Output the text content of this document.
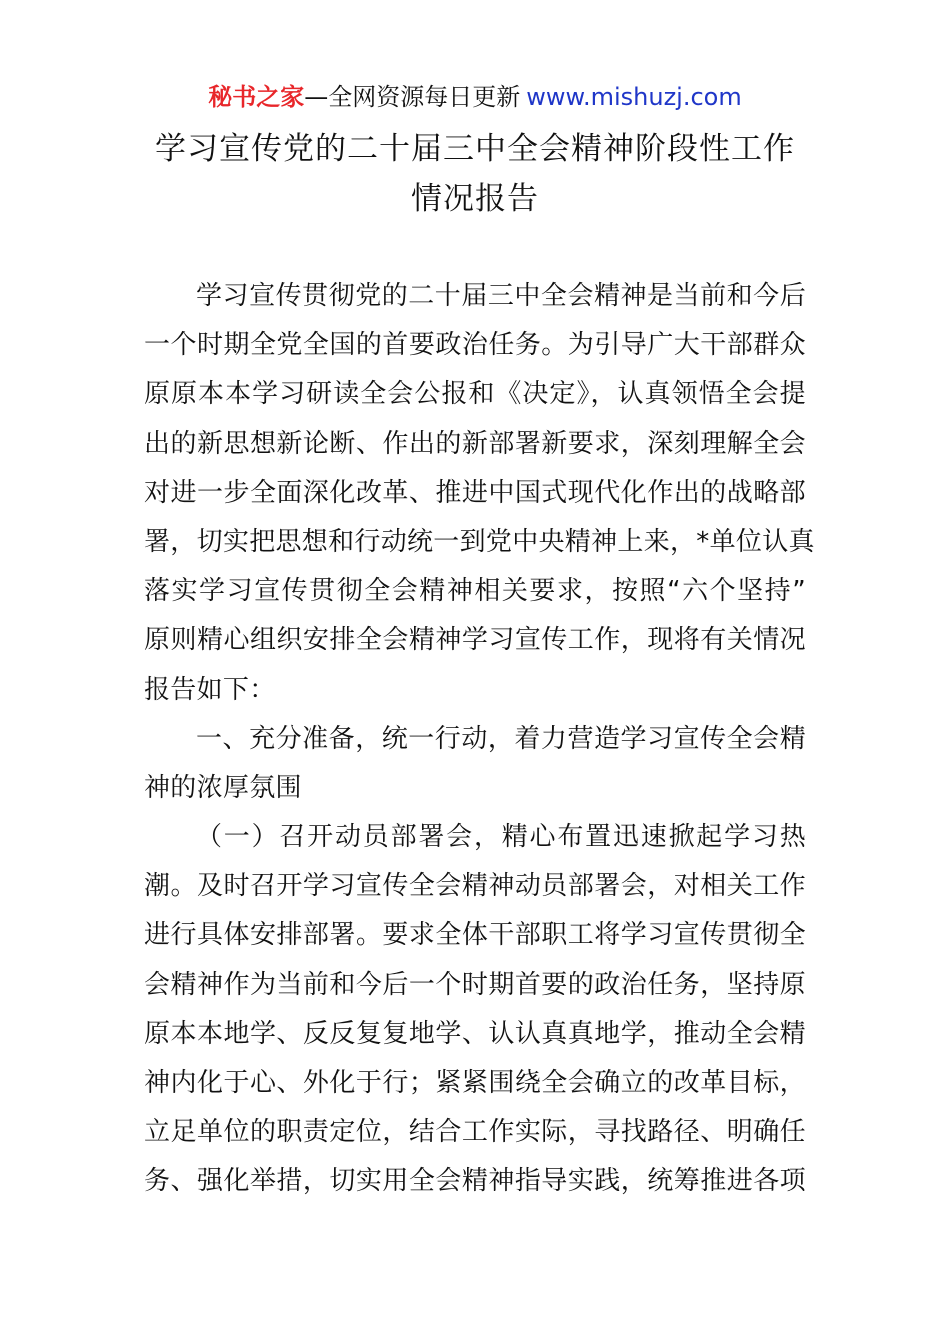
秘书之家—全网资源每日更新 www.mishuzj.com
学习宣传党的二十届三中全会精神阶段性工作
情况报告
学习宣传贯彻党的二十届三中全会精神是当前和今后
一个时期全党全国的首要政治任务。为引导广大干部群众
原原本本学习研读全会公报和《决定》，认真领悟全会提
出的新思想新论断、作出的新部署新要求，深刻理解全会
对进一步全面深化改革、推进中国式现代化作出的战略部
署，切实把思想和行动统一到党中央精神上来，*单位认真
落实学习宣传贯彻全会精神相关要求，按照“六个坚持”
原则精心组织安排全会精神学习宣传工作，现将有关情况
报告如下：
一、充分准备，统一行动，着力营造学习宣传全会精
神的浓厚氛围
（一）召开动员部署会，精心布置迅速掀起学习热
潮。及时召开学习宣传全会精神动员部署会，对相关工作
进行具体安排部署。要求全体干部职工将学习宣传贯彻全
会精神作为当前和今后一个时期首要的政治任务，坚持原
原本本地学、反反复复地学、认认真真地学，推动全会精
神内化于心、外化于行；紧紧围绕全会确立的改革目标，
立足单位的职责定位，结合工作实际，寻找路径、明确任
务、强化举措，切实用全会精神指导实践，统筹推进各项
